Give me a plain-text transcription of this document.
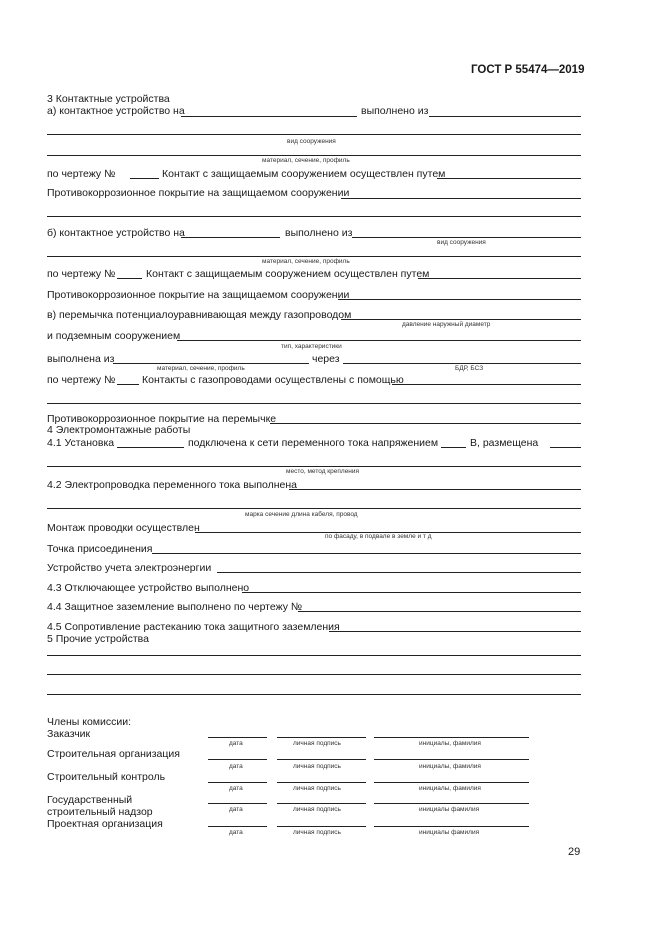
ГОСТ Р 55474—2019
3 Контактные устройства
а) контактное устройство на	выполнено из
вид сооружения
материал, сечение, профиль
по чертежу №	Контакт с защищаемым сооружением осуществлен путем
Противокоррозионное покрытие на защищаемом сооружении
б) контактное устройство на	выполнено из
вид сооружения
материал, сечение, профиль
по чертежу №	Контакт с защищаемым сооружением осуществлен путем
Противокоррозионное покрытие на защищаемом сооружении
в) перемычка потенциалоуравнивающая между газопроводом
давление наружный диаметр
и подземным сооружением
тип, характеристики
выполнена из
материал, сечение, профиль
через
БДР, БСЗ
по чертежу №	Контакты с газопроводами осуществлены с помощью
Противокоррозионное покрытие на перемычке
4 Электромонтажные работы
4.1 Установка	подключена к сети переменного тока напряжением	В, размещена
место, метод крепления
4.2 Электропроводка переменного тока выполнена
марка сечение длина кабеля, провод
Монтаж проводки осуществлен
по фасаду, в подвале в земле и т д
Точка присоединения
Устройство учета электроэнергии
4.3 Отключающее устройство выполнено
4.4 Защитное заземление выполнено по чертежу №
4.5 Сопротивление растеканию тока защитного заземления
5 Прочие устройства
Члены комиссии:
Заказчик
дата	личная подпись	инициалы, фамилия
Строительная организация
дата	личная подпись	инициалы, фамилия
Строительный контроль
дата	личная подпись	инициалы, фамилия
Государственный
строительный надзор	дата	личная подпись	инициалы фамилия
Проектная организация
дата	личная подпись	инициалы фамилия
29
